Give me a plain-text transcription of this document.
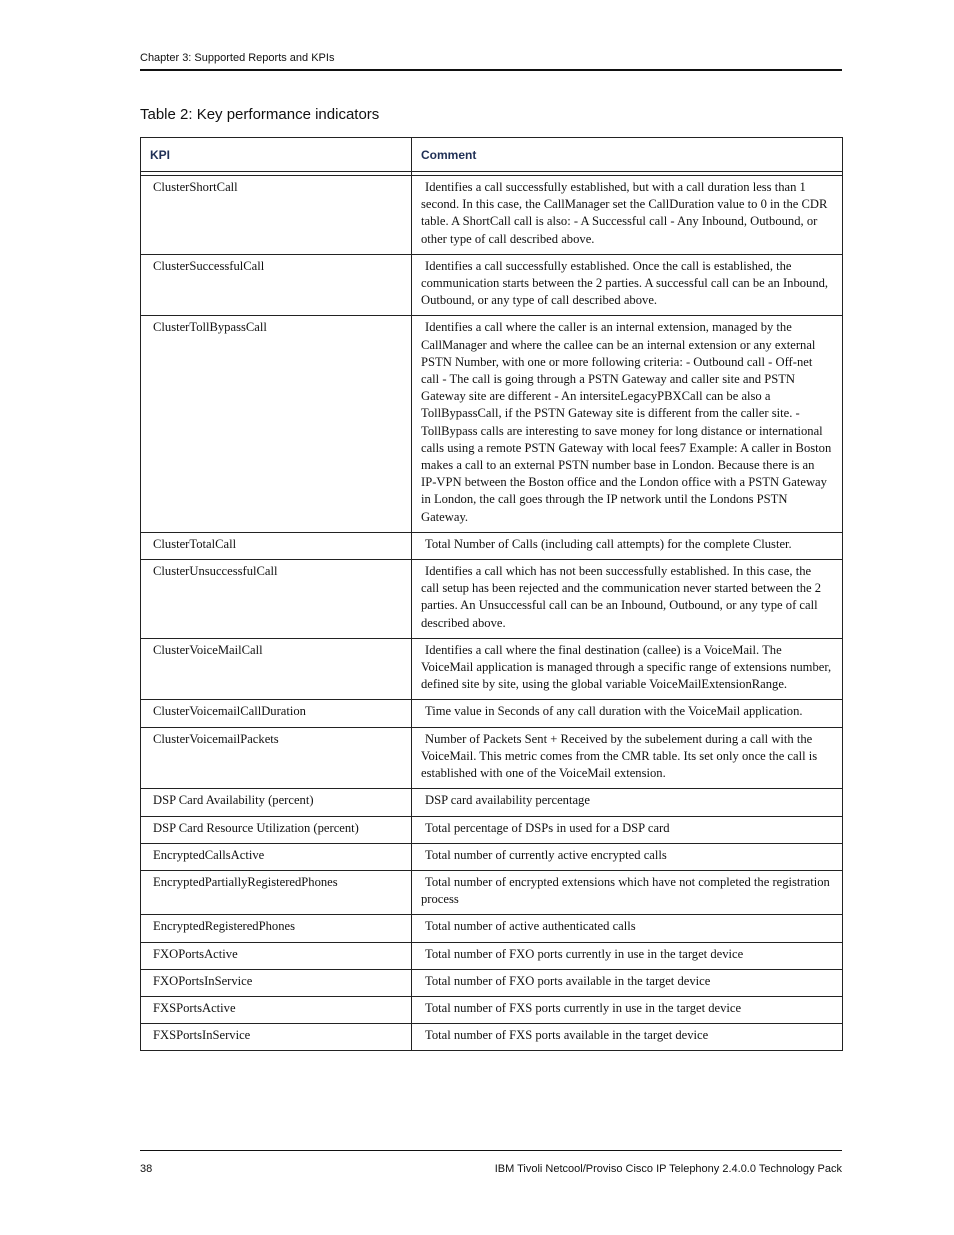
Chapter 3: Supported Reports and KPIs
Table 2: Key performance indicators
KPI	Comment

ClusterShortCall	Identifies a call successfully established, but with a call duration less than 1 second. In this case, the CallManager set the CallDuration value to 0 in the CDR table. A ShortCall call is also: - A Successful call - Any Inbound, Outbound, or other type of call described above.
ClusterSuccessfulCall	Identifies a call successfully established. Once the call is established, the communication starts between the 2 parties. A successful call can be an Inbound, Outbound, or any type of call described above.
ClusterTollBypassCall	Identifies a call where the caller is an internal extension, managed by the CallManager and where the callee can be an internal extension or any external PSTN Number, with one or more following criteria: - Outbound call - Off-net call - The call is going through a PSTN Gateway and caller site and PSTN Gateway site are different - An intersiteLegacyPBXCall can be also a TollBypassCall, if the PSTN Gateway site is different from the caller site. - TollBypass calls are interesting to save money for long distance or international calls using a remote PSTN Gateway with local fees7 Example: A caller in Boston makes a call to an external PSTN number base in London. Because there is an IP-VPN between the Boston office and the London office with a PSTN Gateway in London, the call goes through the IP network until the Londons PSTN Gateway.
ClusterTotalCall	Total Number of Calls (including call attempts) for the complete Cluster.
ClusterUnsuccessfulCall	Identifies a call which has not been successfully established. In this case, the call setup has been rejected and the communication never started between the 2 parties. An Unsuccessful call can be an Inbound, Outbound, or any type of call described above.
ClusterVoiceMailCall	Identifies a call where the final destination (callee) is a VoiceMail. The VoiceMail application is managed through a specific range of extensions number, defined site by site, using the global variable VoiceMailExtensionRange.
ClusterVoicemailCallDuration	Time value in Seconds of any call duration with the VoiceMail application.
ClusterVoicemailPackets	Number of Packets Sent + Received by the subelement during a call with the VoiceMail. This metric comes from the CMR table. Its set only once the call is established with one of the VoiceMail extension.
DSP Card Availability (percent)	DSP card availability percentage
DSP Card Resource Utilization (percent)	Total percentage of DSPs in used for a DSP card
EncryptedCallsActive	Total number of currently active encrypted calls
EncryptedPartiallyRegisteredPhones	Total number of encrypted extensions which have not completed the registration process
EncryptedRegisteredPhones	Total number of active authenticated calls
FXOPortsActive	Total number of FXO ports currently in use in the target device
FXOPortsInService	Total number of FXO ports available in the target device
FXSPortsActive	Total number of FXS ports currently in use in the target device
FXSPortsInService	Total number of FXS ports available in the target device
38	IBM Tivoli Netcool/Proviso Cisco IP Telephony 2.4.0.0 Technology Pack
